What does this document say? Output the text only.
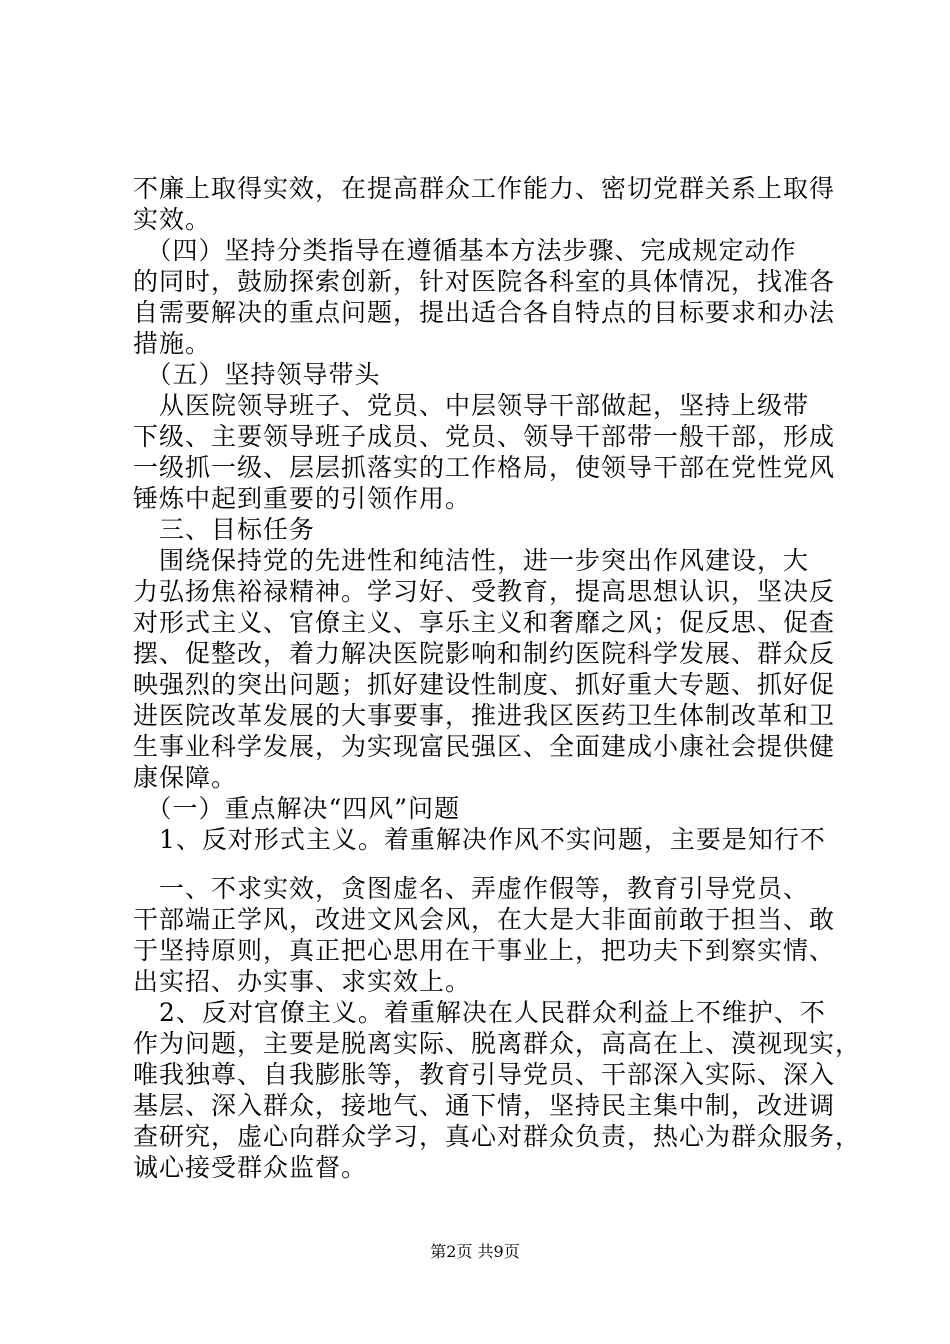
不廉上取得实效，在提高群众工作能力、密切党群关系上取得
实效。
　（四）坚持分类指导在遵循基本方法步骤、完成规定动作
的同时，鼓励探索创新，针对医院各科室的具体情况，找准各
自需要解决的重点问题，提出适合各自特点的目标要求和办法
措施。
　（五）坚持领导带头
　从医院领导班子、党员、中层领导干部做起，坚持上级带
下级、主要领导班子成员、党员、领导干部带一般干部，形成
一级抓一级、层层抓落实的工作格局，使领导干部在党性党风
锤炼中起到重要的引领作用。
　三、目标任务
　围绕保持党的先进性和纯洁性，进一步突出作风建设，大
力弘扬焦裕禄精神。学习好、受教育，提高思想认识，坚决反
对形式主义、官僚主义、享乐主义和奢靡之风；促反思、促查
摆、促整改，着力解决医院影响和制约医院科学发展、群众反
映强烈的突出问题；抓好建设性制度、抓好重大专题、抓好促
进医院改革发展的大事要事，推进我区医药卫生体制改革和卫
生事业科学发展，为实现富民强区、全面建成小康社会提供健
康保障。
　（一）重点解决“四风”问题
　1、反对形式主义。着重解决作风不实问题，主要是知行不
　一、不求实效，贪图虚名、弄虚作假等，教育引导党员、
干部端正学风，改进文风会风，在大是大非面前敢于担当、敢
于坚持原则，真正把心思用在干事业上，把功夫下到察实情、
出实招、办实事、求实效上。
　2、反对官僚主义。着重解决在人民群众利益上不维护、不
作为问题，主要是脱离实际、脱离群众，高高在上、漠视现实，
唯我独尊、自我膨胀等，教育引导党员、干部深入实际、深入
基层、深入群众，接地气、通下情，坚持民主集中制，改进调
查研究，虚心向群众学习，真心对群众负责，热心为群众服务，
诚心接受群众监督。
第2页 共9页
